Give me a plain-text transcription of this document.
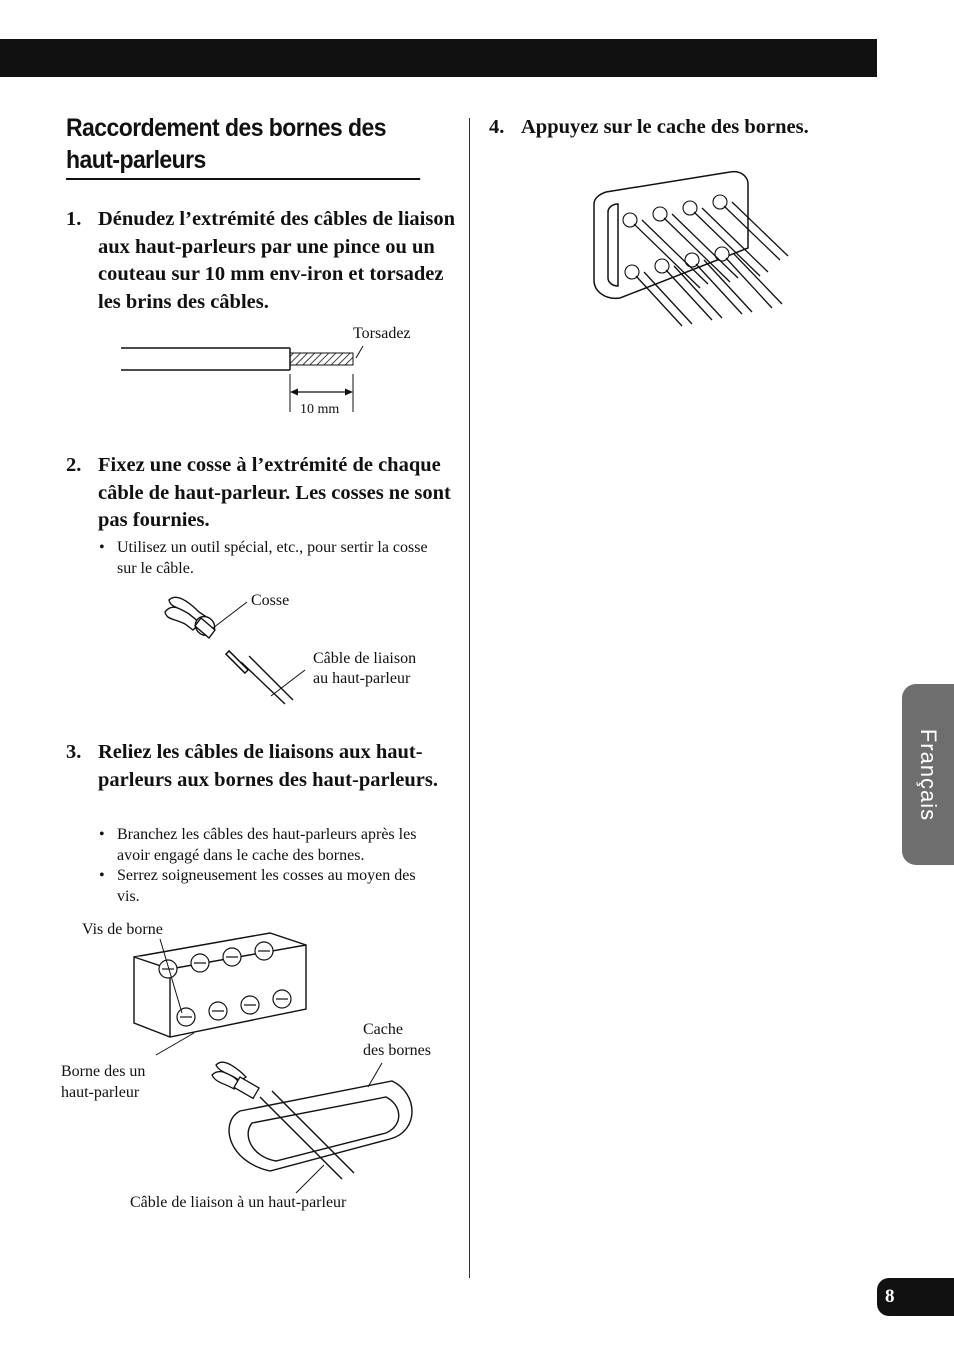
Raccordement des bornes des haut-parleurs
1. Dénudez l’extrémité des câbles de liaison aux haut-parleurs par une pince ou un couteau sur 10 mm env-iron et torsadez les brins des câbles.
Torsadez
10 mm
2. Fixez une cosse à l’extrémité de chaque câble de haut-parleur. Les cosses ne sont pas fournies.
• Utilisez un outil spécial, etc., pour sertir la cosse sur le câble.
Cosse
Câble de liaison
au haut-parleur
3. Reliez les câbles de liaisons aux haut-parleurs aux bornes des haut-parleurs.
• Branchez les câbles des haut-parleurs après les avoir engagé dans le cache des bornes.
• Serrez soigneusement les cosses au moyen des vis.
Vis de borne
Cache
des bornes
Borne des un
haut-parleur
Câble de liaison à un haut-parleur
4. Appuyez sur le cache des bornes.
Français
8
